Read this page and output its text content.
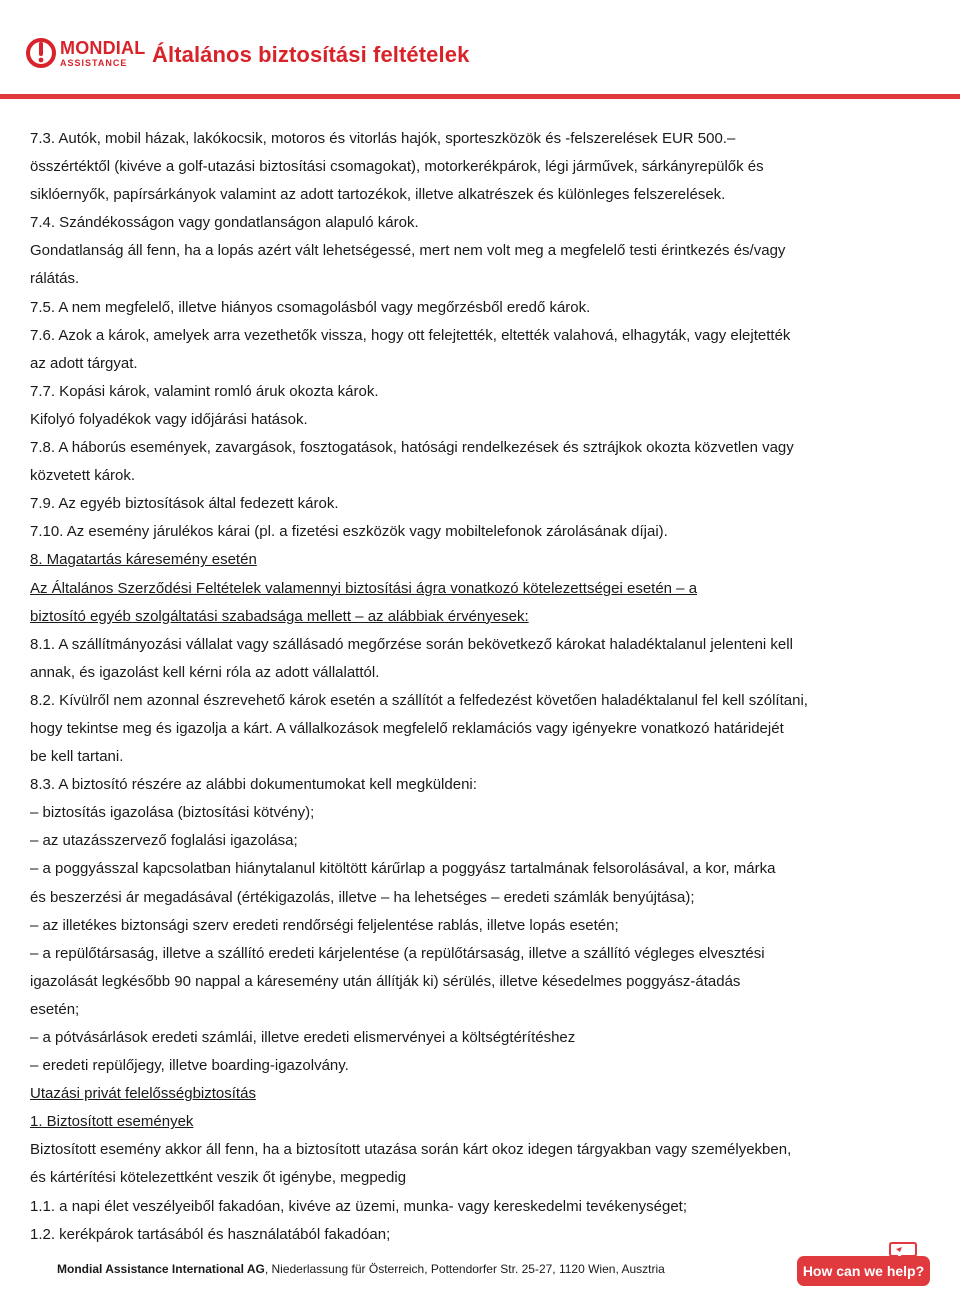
MONDIAL
ASSISTANCE Általános biztosítási feltételek

7.3. Autók, mobil házak, lakókocsik, motoros és vitorlás hajók, sporteszközök és -felszerelések EUR 500.–

összértéktől (kivéve a golf-utazási biztosítási csomagokat), motorkerékpárok, légi járművek, sárkányrepülők és

siklóernyők, papírsárkányok valamint az adott tartozékok, illetve alkatrészek és különleges felszerelések.

7.4. Szándékosságon vagy gondatlanságon alapuló károk.

Gondatlanság áll fenn, ha a lopás azért vált lehetségessé, mert nem volt meg a megfelelő testi érintkezés és/vagy

rálátás.

7.5. A nem megfelelő, illetve hiányos csomagolásból vagy megőrzésből eredő károk.

7.6. Azok a károk, amelyek arra vezethetők vissza, hogy ott felejtették, eltették valahová, elhagyták, vagy elejtették

az adott tárgyat.

7.7. Kopási károk, valamint romló áruk okozta károk.

Kifolyó folyadékok vagy időjárási hatások.

7.8. A háborús események, zavargások, fosztogatások, hatósági rendelkezések és sztrájkok okozta közvetlen vagy

közvetett károk.

7.9. Az egyéb biztosítások által fedezett károk.

7.10. Az esemény járulékos kárai (pl. a fizetési eszközök vagy mobiltelefonok zárolásának díjai).

8. Magatartás káresemény esetén

Az Általános Szerződési Feltételek valamennyi biztosítási ágra vonatkozó kötelezettségei esetén – a

biztosító egyéb szolgáltatási szabadsága mellett – az alábbiak érvényesek:

8.1. A szállítmányozási vállalat vagy szállásadó megőrzése során bekövetkező károkat haladéktalanul jelenteni kell

annak, és igazolást kell kérni róla az adott vállalattól.

8.2. Kívülről nem azonnal észrevehető károk esetén a szállítót a felfedezést követően haladéktalanul fel kell szólítani,

hogy tekintse meg és igazolja a kárt. A vállalkozások megfelelő reklamációs vagy igényekre vonatkozó határidejét

be kell tartani.

8.3. A biztosító részére az alábbi dokumentumokat kell megküldeni:

– biztosítás igazolása (biztosítási kötvény);

– az utazásszervező foglalási igazolása;

– a poggyásszal kapcsolatban hiánytalanul kitöltött kárűrlap a poggyász tartalmának felsorolásával, a kor, márka

és beszerzési ár megadásával (értékigazolás, illetve – ha lehetséges – eredeti számlák benyújtása);

– az illetékes biztonsági szerv eredeti rendőrségi feljelentése rablás, illetve lopás esetén;

– a repülőtársaság, illetve a szállító eredeti kárjelentése (a repülőtársaság, illetve a szállító végleges elvesztési

igazolását legkésőbb 90 nappal a káresemény után állítják ki) sérülés, illetve késedelmes poggyász-átadás

esetén;

– a pótvásárlások eredeti számlái, illetve eredeti elismervényei a költségtérítéshez

– eredeti repülőjegy, illetve boarding-igazolvány.

Utazási privát felelősségbiztosítás

1. Biztosított események

Biztosított esemény akkor áll fenn, ha a biztosított utazása során kárt okoz idegen tárgyakban vagy személyekben,

és kártérítési kötelezettként veszik őt igénybe, megpedig

1.1. a napi élet veszélyeiből fakadóan, kivéve az üzemi, munka- vagy kereskedelmi tevékenységet;

1.2. kerékpárok tartásából és használatából fakadóan;

Mondial Assistance International AG, Niederlassung für Österreich, Pottendorfer Str. 25-27, 1120 Wien, Ausztria	How can we help?
